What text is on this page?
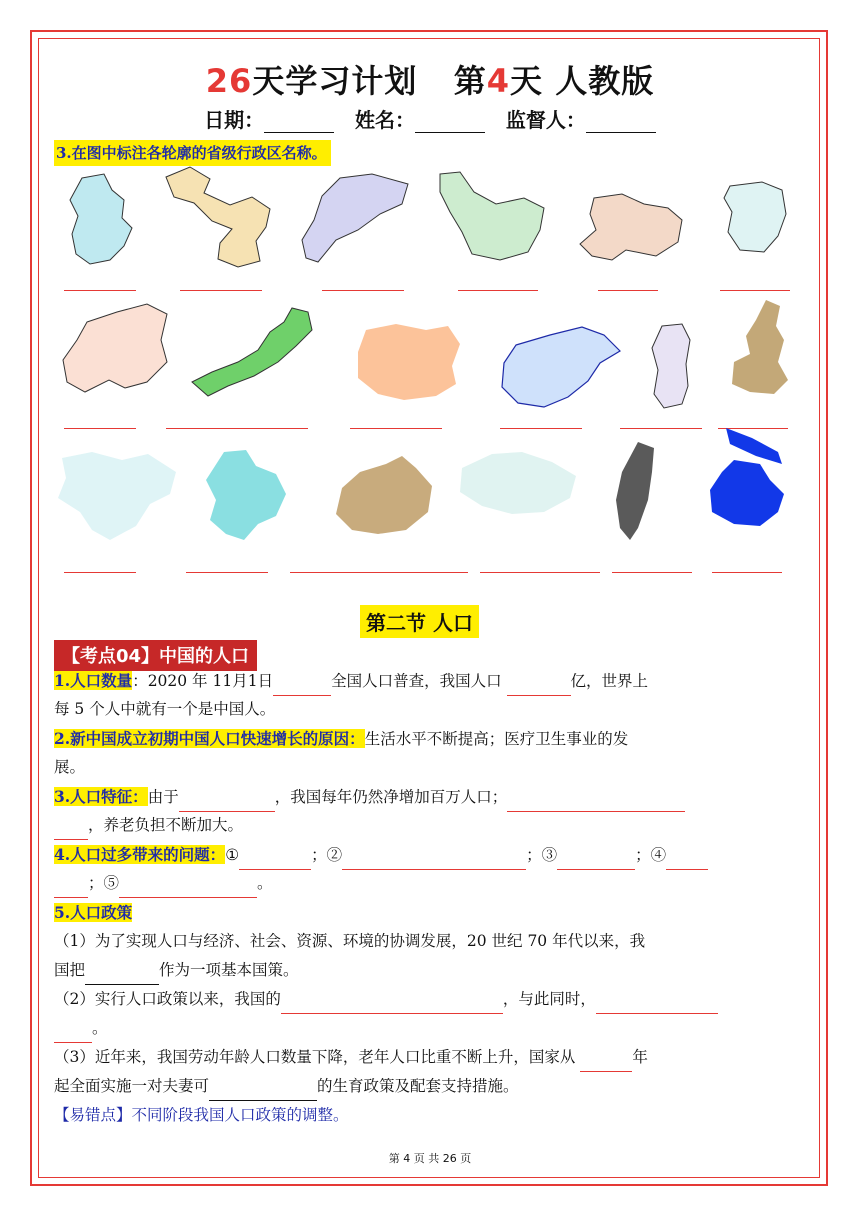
26天学习计划 第4天 人教版
日期：	姓名：	监督人：
3.在图中标注各轮廓的省级行政区名称。
第二节 人口
【考点04】中国的人口
1.人口数量：2020 年 11月1日	全国人口普查，我国人口	亿，世界上
每 5 个人中就有一个是中国人。
2.新中国成立初期中国人口快速增长的原因：生活水平不断提高；医疗卫生事业的发
展。
3.人口特征：由于	，我国每年仍然净增加百万人口；
，养老负担不断加大。
4.人口过多带来的问题：①	；②	；③	；④
；⑤	。
5.人口政策
（1）为了实现人口与经济、社会、资源、环境的协调发展，20 世纪 70 年代以来，我
国把	作为一项基本国策。
（2）实行人口政策以来，我国的	，与此同时，
。
（3）近年来，我国劳动年龄人口数量下降，老年人口比重不断上升，国家从	年
起全面实施一对夫妻可	的生育政策及配套支持措施。
【易错点】不同阶段我国人口政策的调整。
第 4 页 共 26 页
